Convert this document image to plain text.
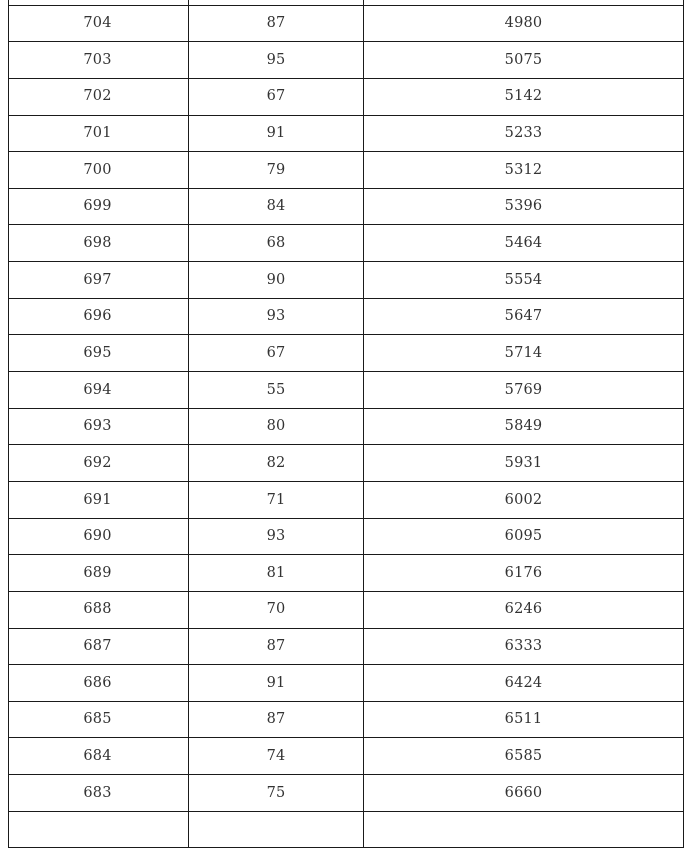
704	87	4980
703	95	5075
702	67	5142
701	91	5233
700	79	5312
699	84	5396
698	68	5464
697	90	5554
696	93	5647
695	67	5714
694	55	5769
693	80	5849
692	82	5931
691	71	6002
690	93	6095
689	81	6176
688	70	6246
687	87	6333
686	91	6424
685	87	6511
684	74	6585
683	75	6660
